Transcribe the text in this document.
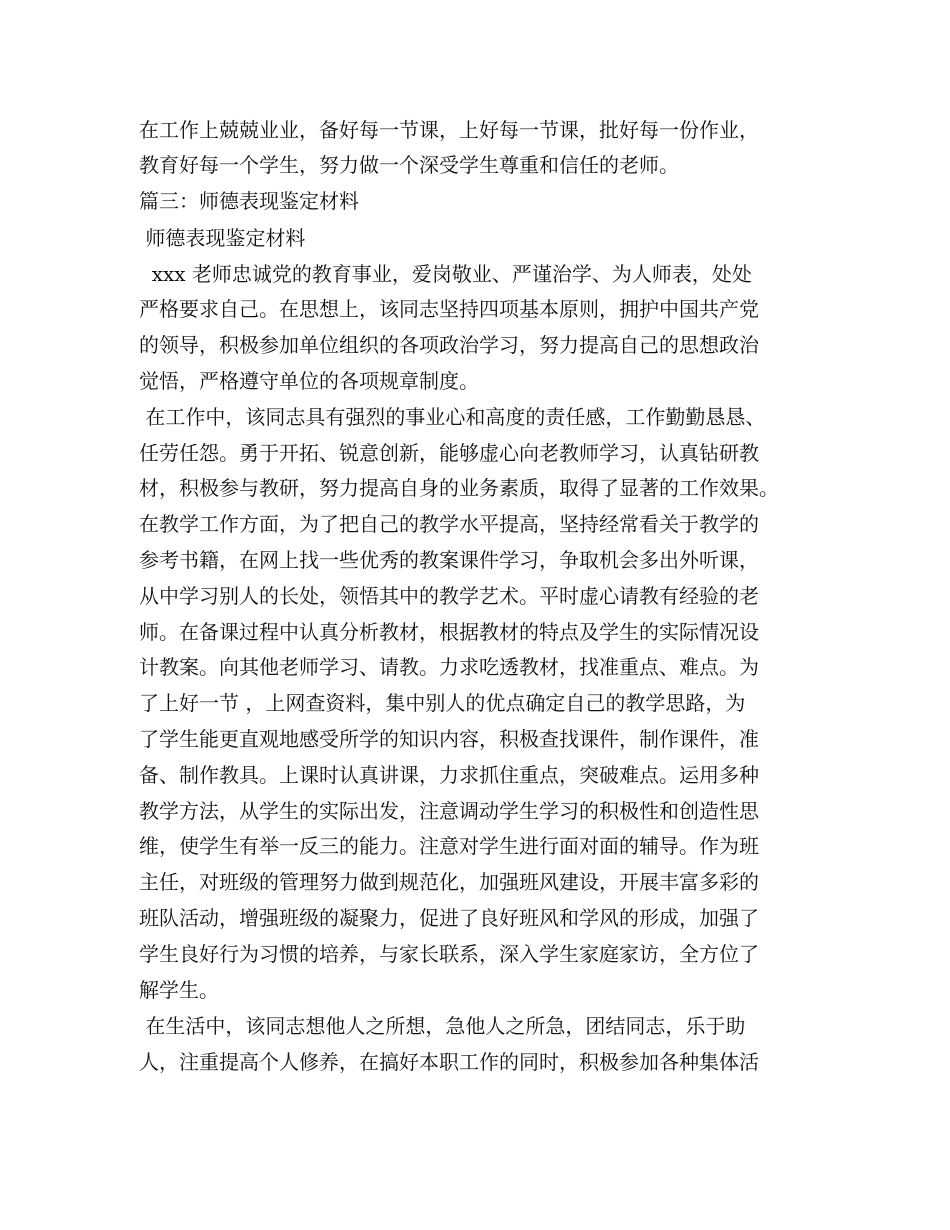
在工作上兢兢业业，备好每一节课，上好每一节课，批好每一份作业，

教育好每一个学生，努力做一个深受学生尊重和信任的老师。

篇三：师德表现鉴定材料

师德表现鉴定材料

xxx 老师忠诚党的教育事业，爱岗敬业、严谨治学、为人师表，处处

严格要求自己。在思想上，该同志坚持四项基本原则，拥护中国共产党

的领导，积极参加单位组织的各项政治学习，努力提高自己的思想政治

觉悟，严格遵守单位的各项规章制度。

在工作中，该同志具有强烈的事业心和高度的责任感，工作勤勤恳恳、

任劳任怨。勇于开拓、锐意创新，能够虚心向老教师学习，认真钻研教

材，积极参与教研，努力提高自身的业务素质，取得了显著的工作效果。

在教学工作方面，为了把自己的教学水平提高，坚持经常看关于教学的

参考书籍，在网上找一些优秀的教案课件学习，争取机会多出外听课，

从中学习别人的长处，领悟其中的教学艺术。平时虚心请教有经验的老

师。在备课过程中认真分析教材，根据教材的特点及学生的实际情况设

计教案。向其他老师学习、请教。力求吃透教材，找准重点、难点。为

了上好一节 ，上网查资料，集中别人的优点确定自己的教学思路，为

了学生能更直观地感受所学的知识内容，积极查找课件，制作课件，准

备、制作教具。上课时认真讲课，力求抓住重点，突破难点。运用多种

教学方法，从学生的实际出发，注意调动学生学习的积极性和创造性思

维，使学生有举一反三的能力。注意对学生进行面对面的辅导。作为班

主任，对班级的管理努力做到规范化，加强班风建设，开展丰富多彩的

班队活动，增强班级的凝聚力，促进了良好班风和学风的形成，加强了

学生良好行为习惯的培养，与家长联系，深入学生家庭家访，全方位了

解学生。

在生活中，该同志想他人之所想，急他人之所急，团结同志，乐于助

人，注重提高个人修养，在搞好本职工作的同时，积极参加各种集体活
